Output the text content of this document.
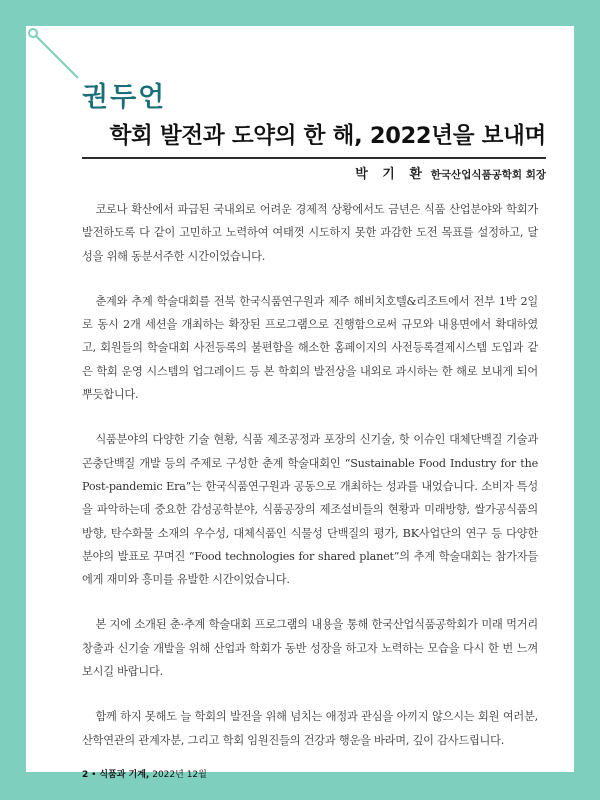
권두언
학회 발전과 도약의 한 해, 2022년을 보내며
박 기 환 한국산업식품공학회 회장

코로나 확산에서 파급된 국내외로 어려운 경제적 상황에서도 금년은 식품 산업분야와 학회가 발전하도록 다 같이 고민하고 노력하여 여태껏 시도하지 못한 과감한 도전 목표를 설정하고, 달성을 위해 동분서주한 시간이었습니다.

춘계와 추계 학술대회를 전북 한국식품연구원과 제주 해비치호텔&리조트에서 전부 1박 2일로 동시 2개 세션을 개최하는 확장된 프로그램으로 진행함으로써 규모와 내용면에서 확대하였고, 회원들의 학술대회 사전등록의 불편함을 해소한 홈페이지의 사전등록결제시스템 도입과 같은 학회 운영 시스템의 업그레이드 등 본 학회의 발전상을 내외로 과시하는 한 해로 보내게 되어 뿌듯합니다.

식품분야의 다양한 기술 현황, 식품 제조공정과 포장의 신기술, 핫 이슈인 대체단백질 기술과 곤충단백질 개발 등의 주제로 구성한 춘계 학술대회인 “Sustainable Food Industry for the Post-pandemic Era”는 한국식품연구원과 공동으로 개최하는 성과를 내었습니다. 소비자 특성을 파악하는데 중요한 감성공학분야, 식품공장의 제조설비들의 현황과 미래방향, 쌀가공식품의 방향, 탄수화물 소재의 우수성, 대체식품인 식물성 단백질의 평가, BK사업단의 연구 등 다양한 분야의 발표로 꾸며진 “Food technologies for shared planet”의 추계 학술대회는 참가자들에게 재미와 흥미를 유발한 시간이었습니다.

본 지에 소개된 춘·추계 학술대회 프로그램의 내용을 통해 한국산업식품공학회가 미래 먹거리 창출과 신기술 개발을 위해 산업과 학회가 동반 성장을 하고자 노력하는 모습을 다시 한 번 느껴 보시길 바랍니다.

함께 하지 못해도 늘 학회의 발전을 위해 넘치는 애정과 관심을 아끼지 않으시는 회원 여러분, 산학연관의 관계자분, 그리고 학회 임원진들의 건강과 행운을 바라며, 깊이 감사드립니다.

2 • 식품과 기계, 2022년 12월
